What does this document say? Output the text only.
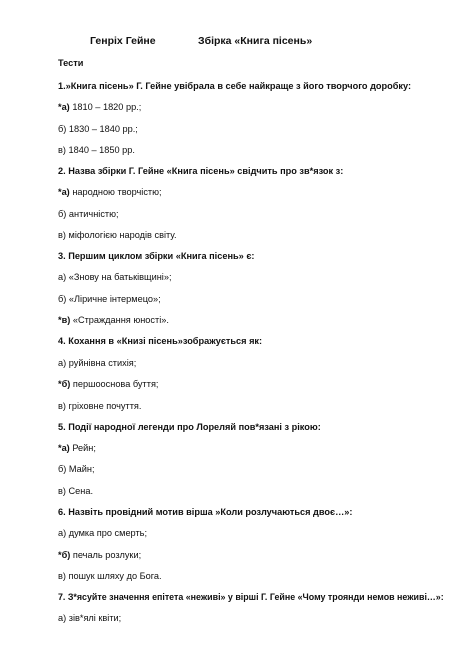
Генріх Гейне	Збірка «Книга пісень»
Тести
1.»Книга пісень» Г. Гейне увібрала в себе найкраще з його творчого доробку:
*а) 1810 – 1820 рр.;
б) 1830 – 1840 рр.;
в) 1840 – 1850 рр.
2. Назва збірки Г. Гейне «Книга пісень» свідчить про зв*язок з:
*а) народною творчістю;
б) античністю;
в) міфологією народів світу.
3. Першим циклом збірки «Книга пісень» є:
а) «Знову на батьківщині»;
б) «Ліричне інтермецо»;
*в) «Страждання юності».
4. Кохання в «Книзі пісень»зображується як:
а) руйнівна стихія;
*б) першооснова буття;
в) гріховне почуття.
5. Події народної легенди про Лореляй пов*язані з рікою:
*а) Рейн;
б) Майн;
в) Сена.
6. Назвіть провідний мотив вірша »Коли розлучаються двоє…»:
а) думка про смерть;
*б) печаль розлуки;
в) пошук шляху до Бога.
7. З*ясуйте значення епітета «неживі» у вірші Г. Гейне «Чому троянди немов неживі…»:
а) зів*ялі квіти;
